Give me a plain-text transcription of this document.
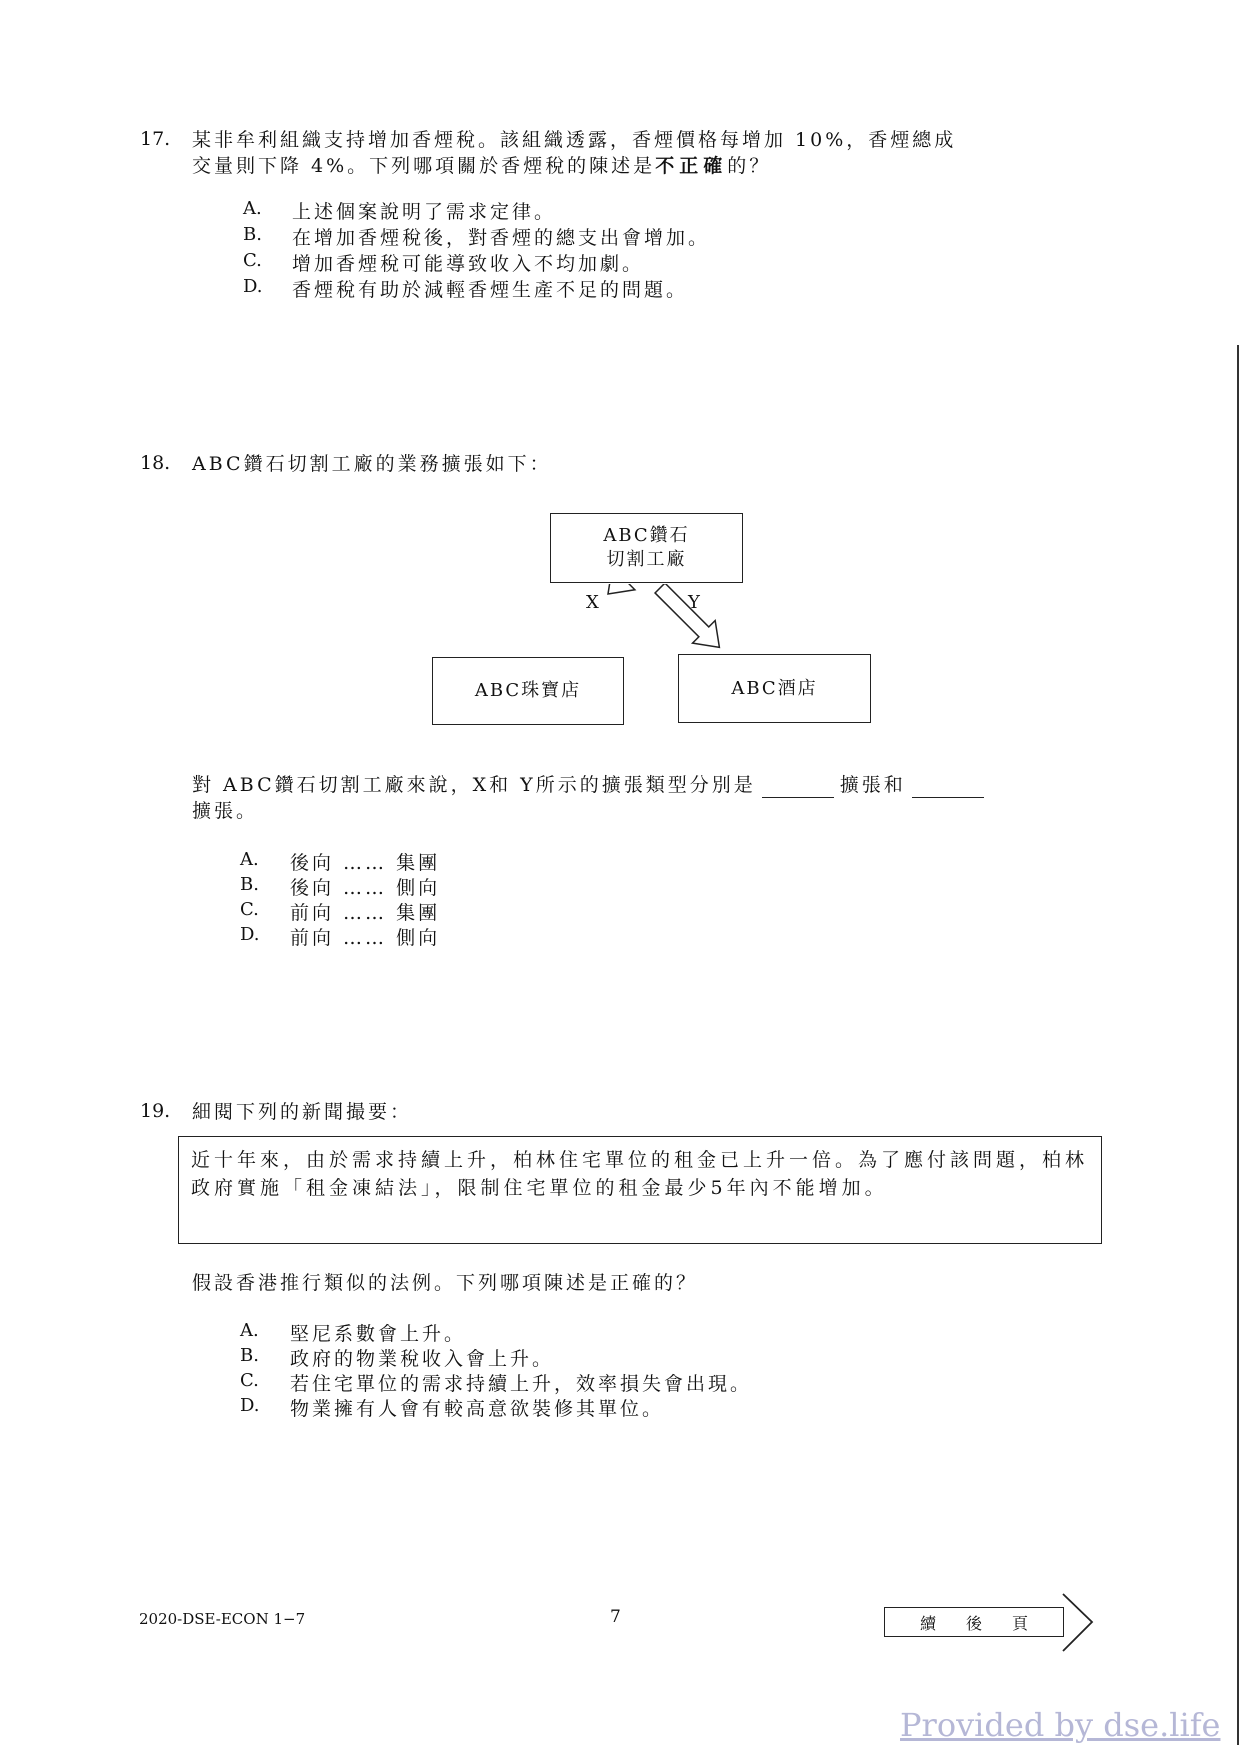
17. 某非牟利組織支持增加香煙稅。該組織透露，香煙價格每增加 10%，香煙總成
交量則下降 4%。下列哪項關於香煙稅的陳述是不正確的？
A. 上述個案說明了需求定律。
B. 在增加香煙稅後，對香煙的總支出會增加。
C. 增加香煙稅可能導致收入不均加劇。
D. 香煙稅有助於減輕香煙生產不足的問題。
18. ABC鑽石切割工廠的業務擴張如下：
ABC鑽石
切割工廠
X	Y
ABC珠寶店	ABC酒店
對 ABC鑽石切割工廠來說，X和 Y所示的擴張類型分別是	擴張和
擴張。
A. 後向 …… 集團
B. 後向 …… 側向
C. 前向 …… 集團
D. 前向 …… 側向
19. 細閱下列的新聞撮要：
近十年來，由於需求持續上升，柏林住宅單位的租金已上升一倍。為了應付該問題，柏林政府實施「租金凍結法」，限制住宅單位的租金最少5年內不能增加。
假設香港推行類似的法例。下列哪項陳述是正確的？
A. 堅尼系數會上升。
B. 政府的物業稅收入會上升。
C. 若住宅單位的需求持續上升，效率損失會出現。
D. 物業擁有人會有較高意欲裝修其單位。
2020-DSE-ECON 1−7	7	續後頁
Provided by dse.life
